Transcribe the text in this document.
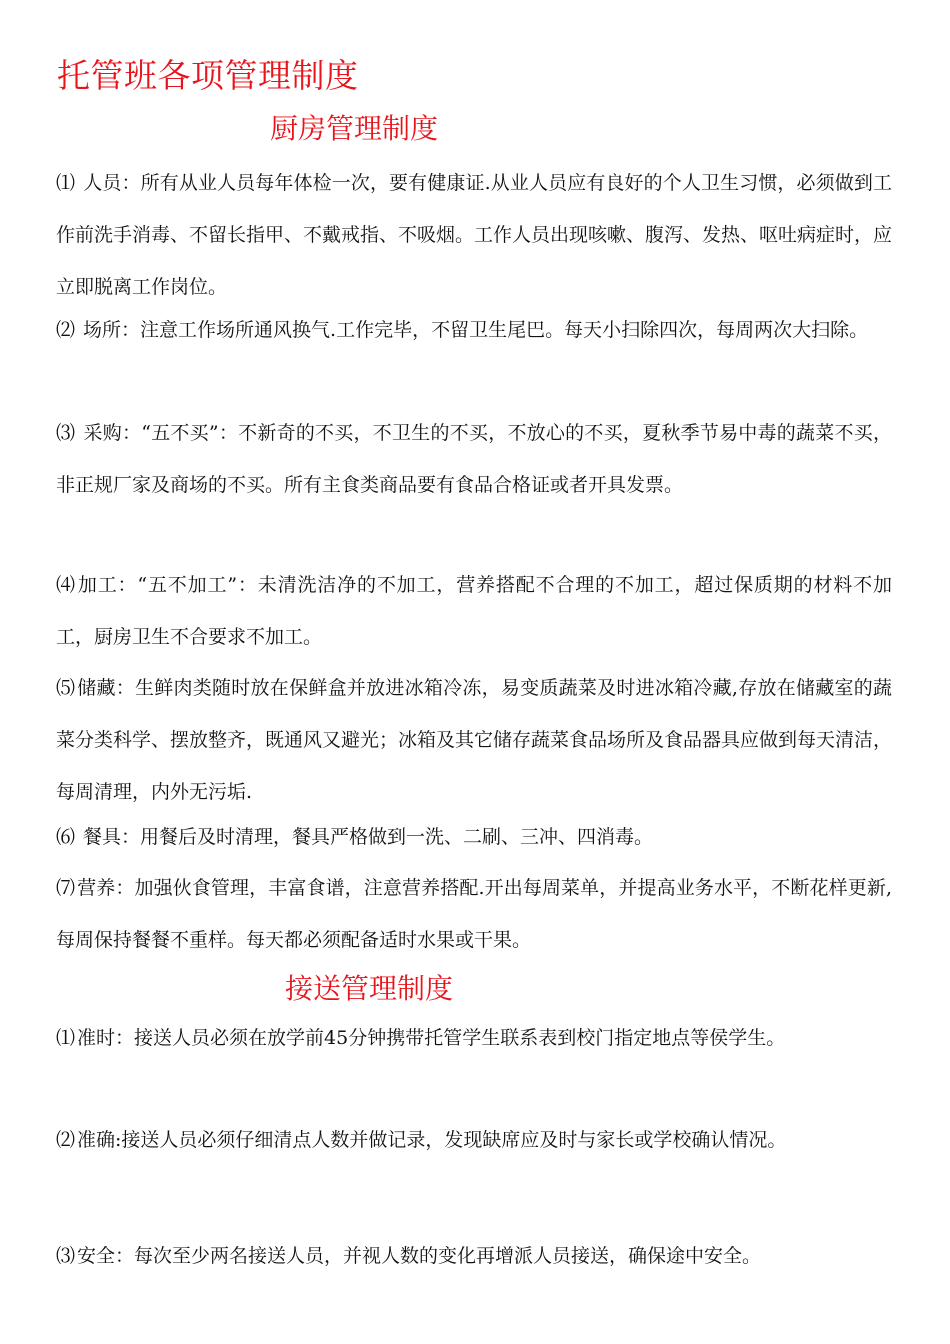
托管班各项管理制度
厨房管理制度

⑴ 人员：所有从业人员每年体检一次，要有健康证.从业人员应有良好的个人卫生习惯，必须做到工作前洗手消毒、不留长指甲、不戴戒指、不吸烟。工作人员出现咳嗽、腹泻、发热、呕吐病症时，应立即脱离工作岗位。

⑵ 场所：注意工作场所通风换气.工作完毕，不留卫生尾巴。每天小扫除四次，每周两次大扫除。

⑶ 采购：“五不买”：不新奇的不买，不卫生的不买，不放心的不买，夏秋季节易中毒的蔬菜不买，非正规厂家及商场的不买。所有主食类商品要有食品合格证或者开具发票。

⑷ 加工：“五不加工”：未清洗洁净的不加工，营养搭配不合理的不加工，超过保质期的材料不加工，厨房卫生不合要求不加工。

⑸ 储藏：生鲜肉类随时放在保鲜盒并放进冰箱冷冻，易变质蔬菜及时进冰箱冷藏,存放在储藏室的蔬菜分类科学、摆放整齐，既通风又避光；冰箱及其它储存蔬菜食品场所及食品器具应做到每天清洁，每周清理，内外无污垢.

⑹ 餐具：用餐后及时清理，餐具严格做到一洗、二刷、三冲、四消毒。

⑺ 营养：加强伙食管理，丰富食谱，注意营养搭配.开出每周菜单，并提高业务水平，不断花样更新,每周保持餐餐不重样。每天都必须配备适时水果或干果。

接送管理制度

⑴ 准时：接送人员必须在放学前45分钟携带托管学生联系表到校门指定地点等侯学生。

⑵ 准确:接送人员必须仔细清点人数并做记录，发现缺席应及时与家长或学校确认情况。

⑶ 安全：每次至少两名接送人员，并视人数的变化再增派人员接送，确保途中安全。
